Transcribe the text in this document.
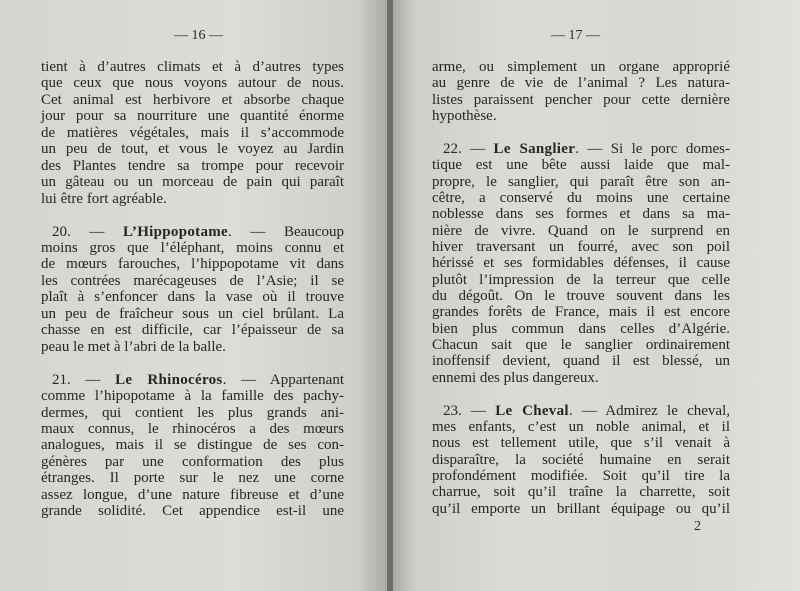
— 16 —	— 17 —
2
tient à d’autres climats et à d’autres types
que ceux que nous voyons autour de nous.
Cet animal est herbivore et absorbe chaque
jour pour sa nourriture une quantité énorme
de matières végétales, mais il s’accommode
un peu de tout, et vous le voyez au Jardin
des Plantes tendre sa trompe pour recevoir
un gâteau ou un morceau de pain qui paraît
lui être fort agréable.
20. — L’Hippopotame. — Beaucoup
moins gros que l’éléphant, moins connu et
de mœurs farouches, l’hippopotame vit dans
les contrées marécageuses de l’Asie; il se
plaît à s’enfoncer dans la vase où il trouve
un peu de fraîcheur sous un ciel brûlant. La
chasse en est difficile, car l’épaisseur de sa
peau le met à l’abri de la balle.
21. — Le Rhinocéros. — Appartenant
comme l’hipopotame à la famille des pachy-
dermes, qui contient les plus grands ani-
maux connus, le rhinocéros a des mœurs
analogues, mais il se distingue de ses con-
génères par une conformation des plus
étranges. Il porte sur le nez une corne
assez longue, d’une nature fibreuse et d’une
grande solidité. Cet appendice est-il une
arme, ou simplement un organe approprié
au genre de vie de l’animal ? Les natura-
listes paraissent pencher pour cette dernière
hypothèse.
22. — Le Sanglier. — Si le porc domes-
tique est une bête aussi laide que mal-
propre, le sanglier, qui paraît être son an-
cêtre, a conservé du moins une certaine
noblesse dans ses formes et dans sa ma-
nière de vivre. Quand on le surprend en
hiver traversant un fourré, avec son poil
hérissé et ses formidables défenses, il cause
plutôt l’impression de la terreur que celle
du dégoût. On le trouve souvent dans les
grandes forêts de France, mais il est encore
bien plus commun dans celles d’Algérie.
Chacun sait que le sanglier ordinairement
inoffensif devient, quand il est blessé, un
ennemi des plus dangereux.
23. — Le Cheval. — Admirez le cheval,
mes enfants, c’est un noble animal, et il
nous est tellement utile, que s’il venait à
disparaître, la société humaine en serait
profondément modifiée. Soit qu’il tire la
charrue, soit qu’il traîne la charrette, soit
qu’il emporte un brillant équipage ou qu’il
